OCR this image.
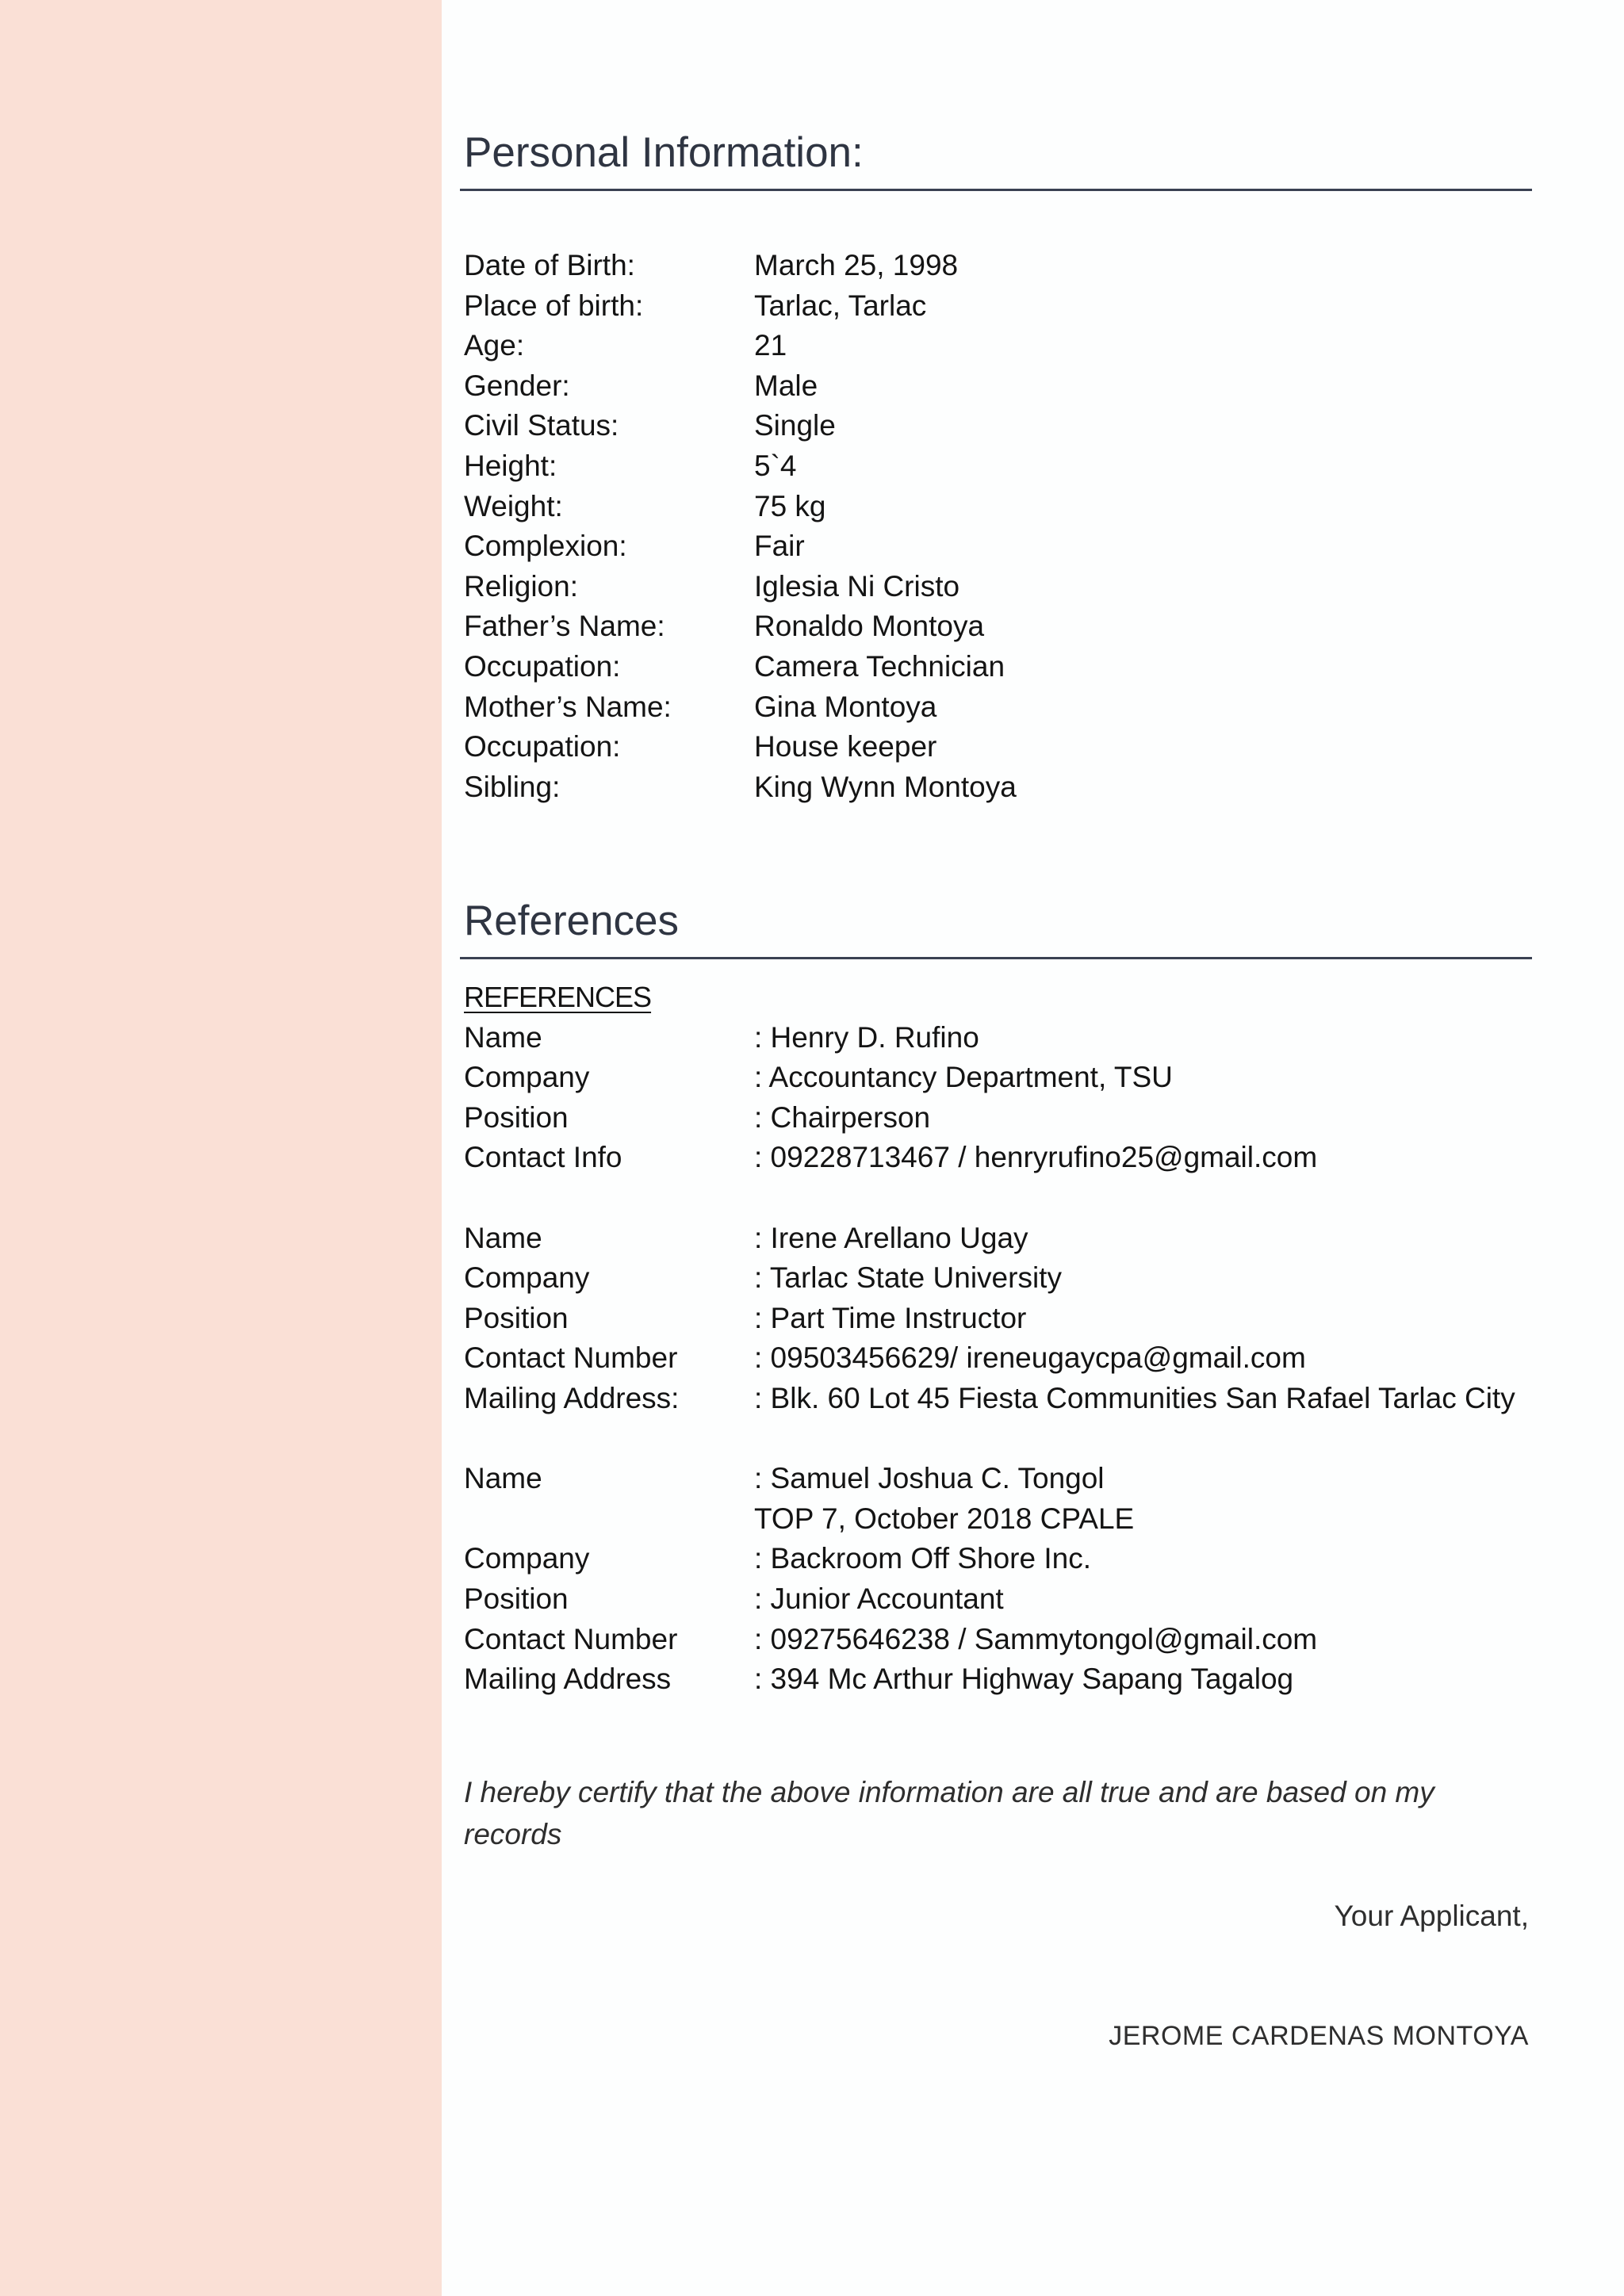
Personal Information:
Date of Birth:	March 25, 1998
Place of birth:	Tarlac, Tarlac
Age:	21
Gender:	Male
Civil Status:	Single
Height:	5`4
Weight:	75 kg
Complexion:	Fair
Religion:	Iglesia Ni Cristo
Father’s Name:	Ronaldo Montoya
Occupation:	Camera Technician
Mother’s Name:	Gina Montoya
Occupation:	House keeper
Sibling:	King Wynn Montoya
References
REFERENCES
Name	: Henry D. Rufino
Company	: Accountancy Department, TSU
Position	: Chairperson
Contact Info	: 09228713467 / henryrufino25@gmail.com
Name	: Irene Arellano Ugay
Company	: Tarlac State University
Position	: Part Time Instructor
Contact Number	: 09503456629/ ireneugaycpa@gmail.com
Mailing Address:	: Blk. 60 Lot 45 Fiesta Communities San Rafael Tarlac City
Name	: Samuel Joshua C. Tongol
TOP 7, October 2018 CPALE
Company	: Backroom Off Shore Inc.
Position	: Junior Accountant
Contact Number	: 09275646238 / Sammytongol@gmail.com
Mailing Address	: 394 Mc Arthur Highway Sapang Tagalog

I hereby certify that the above information are all true and are based on my records

Your Applicant,
JEROME CARDENAS MONTOYA
